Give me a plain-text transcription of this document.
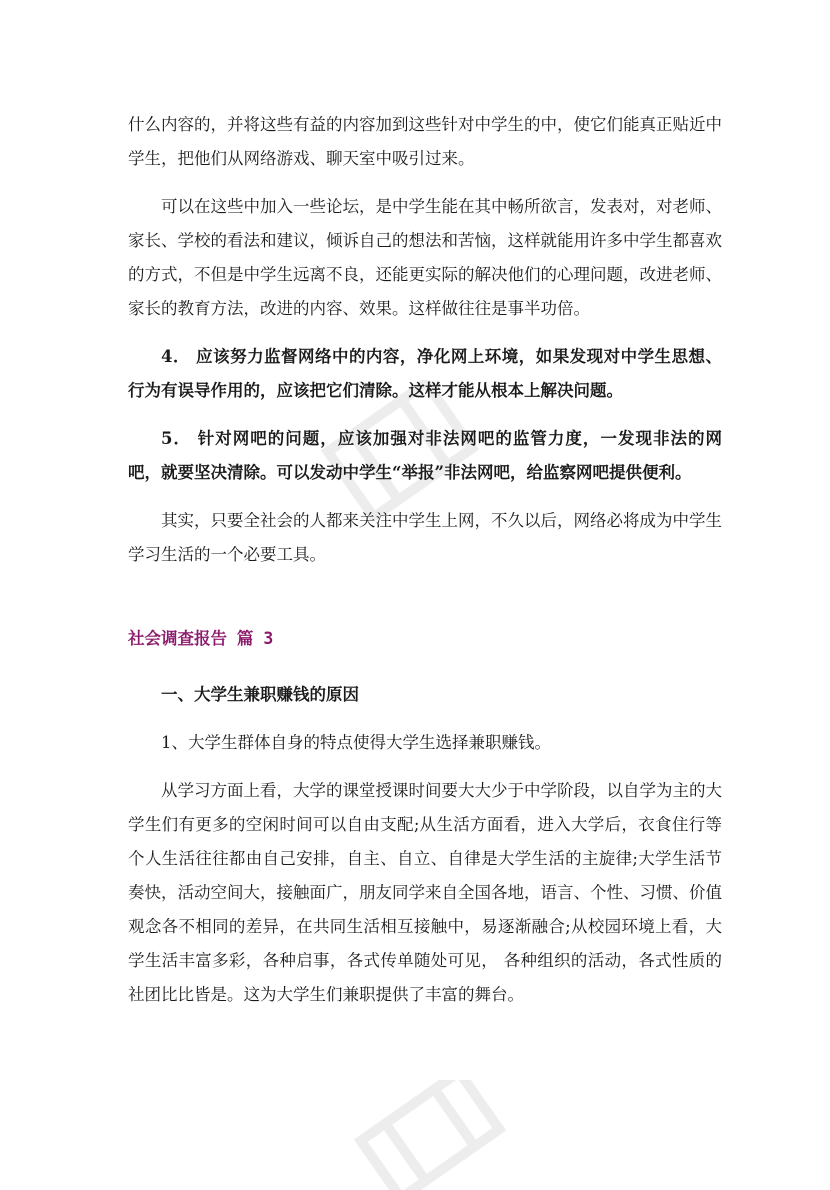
什么内容的，并将这些有益的内容加到这些针对中学生的中，使它们能真正贴近中学生，把他们从网络游戏、聊天室中吸引过来。

可以在这些中加入一些论坛，是中学生能在其中畅所欲言，发表对，对老师、家长、学校的看法和建议，倾诉自己的想法和苦恼，这样就能用许多中学生都喜欢的方式，不但是中学生远离不良，还能更实际的解决他们的心理问题，改进老师、家长的教育方法，改进的内容、效果。这样做往往是事半功倍。

4． 应该努力监督网络中的内容，净化网上环境，如果发现对中学生思想、行为有误导作用的，应该把它们清除。这样才能从根本上解决问题。

5． 针对网吧的问题，应该加强对非法网吧的监管力度，一发现非法的网吧，就要坚决清除。可以发动中学生“举报”非法网吧，给监察网吧提供便利。

其实，只要全社会的人都来关注中学生上网，不久以后，网络必将成为中学生学习生活的一个必要工具。

社会调查报告 篇 3

一、大学生兼职赚钱的原因

1、大学生群体自身的特点使得大学生选择兼职赚钱。

从学习方面上看，大学的课堂授课时间要大大少于中学阶段，以自学为主的大学生们有更多的空闲时间可以自由支配;从生活方面看，进入大学后，衣食住行等个人生活往往都由自己安排，自主、自立、自律是大学生活的主旋律;大学生活节奏快，活动空间大，接触面广，朋友同学来自全国各地，语言、个性、习惯、价值观念各不相同的差异，在共同生活相互接触中，易逐渐融合;从校园环境上看，大学生活丰富多彩，各种启事，各式传单随处可见， 各种组织的活动，各式性质的社团比比皆是。这为大学生们兼职提供了丰富的舞台。
